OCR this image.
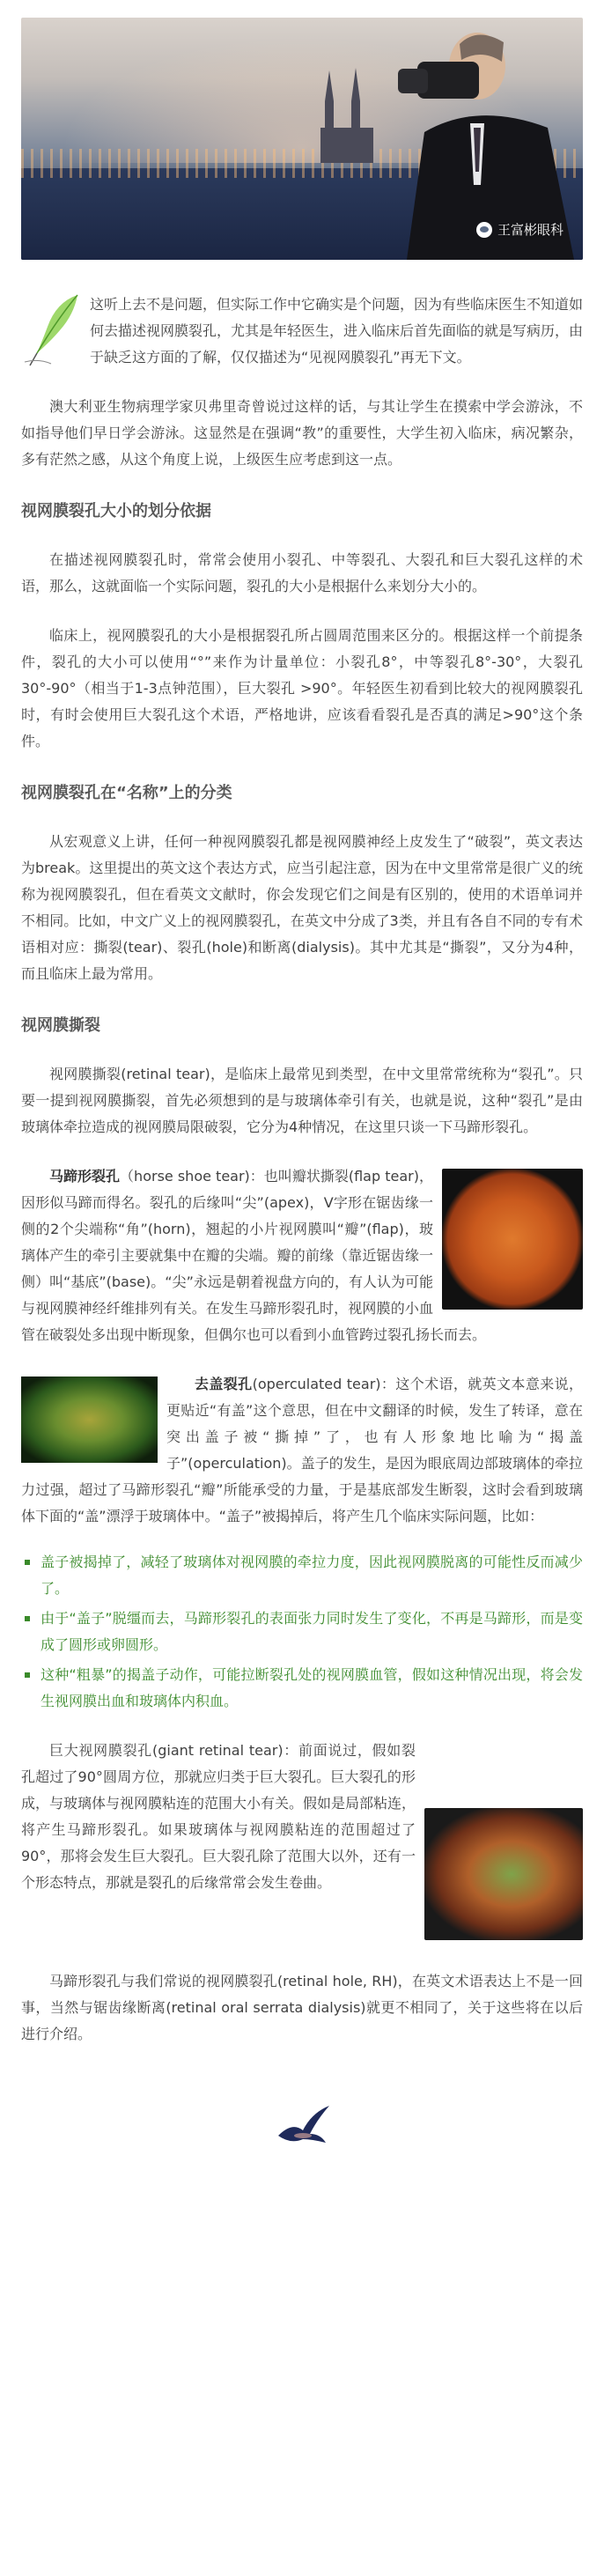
王富彬眼科

这听上去不是问题，但实际工作中它确实是个问题，因为有些临床医生不知道如何去描述视网膜裂孔，尤其是年轻医生，进入临床后首先面临的就是写病历，由于缺乏这方面的了解，仅仅描述为“见视网膜裂孔”再无下文。

澳大利亚生物病理学家贝弗里奇曾说过这样的话，与其让学生在摸索中学会游泳，不如指导他们早日学会游泳。这显然是在强调“教”的重要性，大学生初入临床，病况繁杂，多有茫然之感，从这个角度上说，上级医生应考虑到这一点。

视网膜裂孔大小的划分依据

在描述视网膜裂孔时，常常会使用小裂孔、中等裂孔、大裂孔和巨大裂孔这样的术语，那么，这就面临一个实际问题，裂孔的大小是根据什么来划分大小的。

临床上，视网膜裂孔的大小是根据裂孔所占圆周范围来区分的。根据这样一个前提条件，裂孔的大小可以使用“°”来作为计量单位：小裂孔8°，中等裂孔8°-30°，大裂孔30°-90°（相当于1-3点钟范围），巨大裂孔 >90°。年轻医生初看到比较大的视网膜裂孔时，有时会使用巨大裂孔这个术语，严格地讲，应该看看裂孔是否真的满足>90°这个条件。

视网膜裂孔在“名称”上的分类

从宏观意义上讲，任何一种视网膜裂孔都是视网膜神经上皮发生了“破裂”，英文表达为break。这里提出的英文这个表达方式，应当引起注意，因为在中文里常常是很广义的统称为视网膜裂孔，但在看英文文献时，你会发现它们之间是有区别的，使用的术语单词并不相同。比如，中文广义上的视网膜裂孔，在英文中分成了3类，并且有各自不同的专有术语相对应：撕裂(tear)、裂孔(hole)和断离(dialysis)。其中尤其是“撕裂”，又分为4种，而且临床上最为常用。

视网膜撕裂

视网膜撕裂(retinal tear)，是临床上最常见到类型，在中文里常常统称为“裂孔”。只要一提到视网膜撕裂，首先必须想到的是与玻璃体牵引有关，也就是说，这种“裂孔”是由玻璃体牵拉造成的视网膜局限破裂，它分为4种情况，在这里只谈一下马蹄形裂孔。

马蹄形裂孔（horse shoe tear)：也叫瓣状撕裂(flap tear)，因形似马蹄而得名。裂孔的后缘叫“尖”(apex)，V字形在锯齿缘一侧的2个尖端称“角”(horn)，翘起的小片视网膜叫“瓣”(flap)，玻璃体产生的牵引主要就集中在瓣的尖端。瓣的前缘（靠近锯齿缘一侧）叫“基底”(base)。“尖”永远是朝着视盘方向的，有人认为可能与视网膜神经纤维排列有关。在发生马蹄形裂孔时，视网膜的小血管在破裂处多出现中断现象，但偶尔也可以看到小血管跨过裂孔扬长而去。

去盖裂孔(operculated tear)：这个术语，就英文本意来说，更贴近“有盖”这个意思，但在中文翻译的时候，发生了转译，意在突出盖子被“撕掉”了，也有人形象地比喻为“揭盖子”(operculation)。盖子的发生，是因为眼底周边部玻璃体的牵拉力过强，超过了马蹄形裂孔“瓣”所能承受的力量，于是基底部发生断裂，这时会看到玻璃体下面的“盖”漂浮于玻璃体中。“盖子”被揭掉后，将产生几个临床实际问题，比如：

盖子被揭掉了，减轻了玻璃体对视网膜的牵拉力度，因此视网膜脱离的可能性反而减少了。
由于“盖子”脱缰而去，马蹄形裂孔的表面张力同时发生了变化，不再是马蹄形，而是变成了圆形或卵圆形。
这种“粗暴”的揭盖子动作，可能拉断裂孔处的视网膜血管，假如这种情况出现，将会发生视网膜出血和玻璃体内积血。

巨大视网膜裂孔(giant retinal tear)：前面说过，假如裂孔超过了90°圆周方位，那就应归类于巨大裂孔。巨大裂孔的形成，与玻璃体与视网膜粘连的范围大小有关。假如是局部粘连，将产生马蹄形裂孔。如果玻璃体与视网膜粘连的范围超过了90°，那将会发生巨大裂孔。巨大裂孔除了范围大以外，还有一个形态特点，那就是裂孔的后缘常常会发生卷曲。

马蹄形裂孔与我们常说的视网膜裂孔(retinal hole, RH)，在英文术语表达上不是一回事，当然与锯齿缘断离(retinal oral serrata dialysis)就更不相同了，关于这些将在以后进行介绍。
